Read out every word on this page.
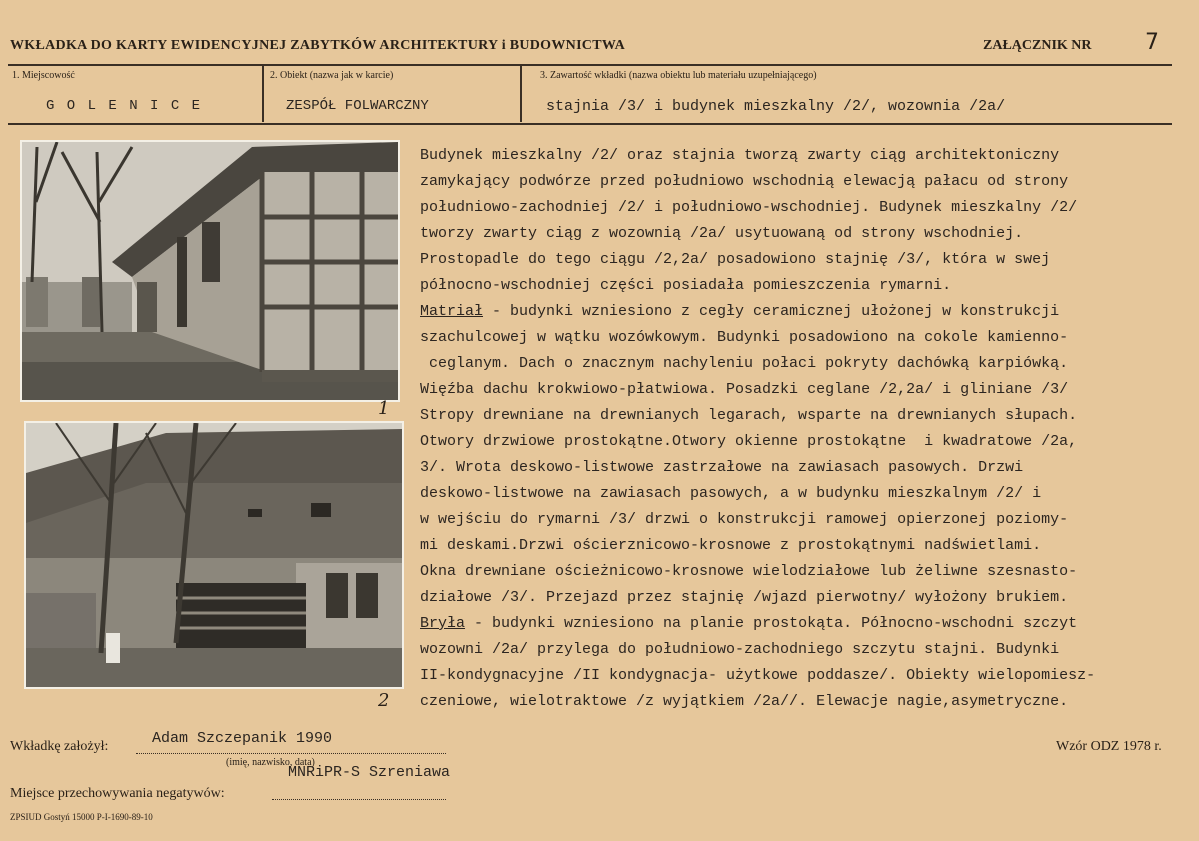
WKŁADKA DO KARTY EWIDENCYJNEJ ZABYTKÓW ARCHITEKTURY i BUDOWNICTWA	ZAŁĄCZNIK NR 7
1. Miejscowość
G O L E N I C E
2. Obiekt (nazwa jak w karcie)
ZESPÓŁ FOLWARCZNY
3. Zawartość wkładki (nazwa obiektu lub materiału uzupełniającego)
stajnia /3/ i budynek mieszkalny /2/, wozownia /2a/
1
2

Budynek mieszkalny /2/ oraz stajnia tworzą zwarty ciąg architektoniczny

zamykający podwórze przed południowo wschodnią elewacją pałacu od strony

południowo-zachodniej /2/ i południowo-wschodniej. Budynek mieszkalny /2/

tworzy zwarty ciąg z wozownią /2a/ usytuowaną od strony wschodniej.

Prostopadle do tego ciągu /2,2a/ posadowiono stajnię /3/, która w swej

północno-wschodniej części posiadała pomieszczenia rymarni.

Matriał - budynki wzniesiono z cegły ceramicznej ułożonej w konstrukcji

szachulcowej w wątku wozówkowym. Budynki posadowiono na cokole kamienno-

ceglanym. Dach o znacznym nachyleniu połaci pokryty dachówką karpiówką.

Więźba dachu krokwiowo-płatwiowa. Posadzki ceglane /2,2a/ i gliniane /3/

Stropy drewniane na drewnianych legarach, wsparte na drewnianych słupach.

Otwory drzwiowe prostokątne.Otwory okienne prostokątne  i kwadratowe /2a,

3/. Wrota deskowo-listwowe zastrzałowe na zawiasach pasowych. Drzwi

deskowo-listwowe na zawiasach pasowych, a w budynku mieszkalnym /2/ i

w wejściu do rymarni /3/ drzwi o konstrukcji ramowej opierzonej poziomy-

mi deskami.Drzwi ościerznicowo-krosnowe z prostokątnymi nadświetlami.

Okna drewniane ościeżnicowo-krosnowe wielodziałowe lub żeliwne szesnasto-

działowe /3/. Przejazd przez stajnię /wjazd pierwotny/ wyłożony brukiem.

Bryła - budynki wzniesiono na planie prostokąta. Północno-wschodni szczyt

wozowni /2a/ przylega do południowo-zachodniego szczytu stajni. Budynki

II-kondygnacyjne /II kondygnacja- użytkowe poddasze/. Obiekty wielopomiesz-

czeniowe, wielotraktowe /z wyjątkiem /2a//. Elewacje nagie,asymetryczne.

Wkładkę założył:	Adam Szczepanik 1990
(imię, nazwisko, data)
MNRiPR-S Szreniawa
Wzór ODZ 1978 r.
Miejsce przechowywania negatywów:
ZPSIUD Gostyń 15000 P-I-1690-89-10
